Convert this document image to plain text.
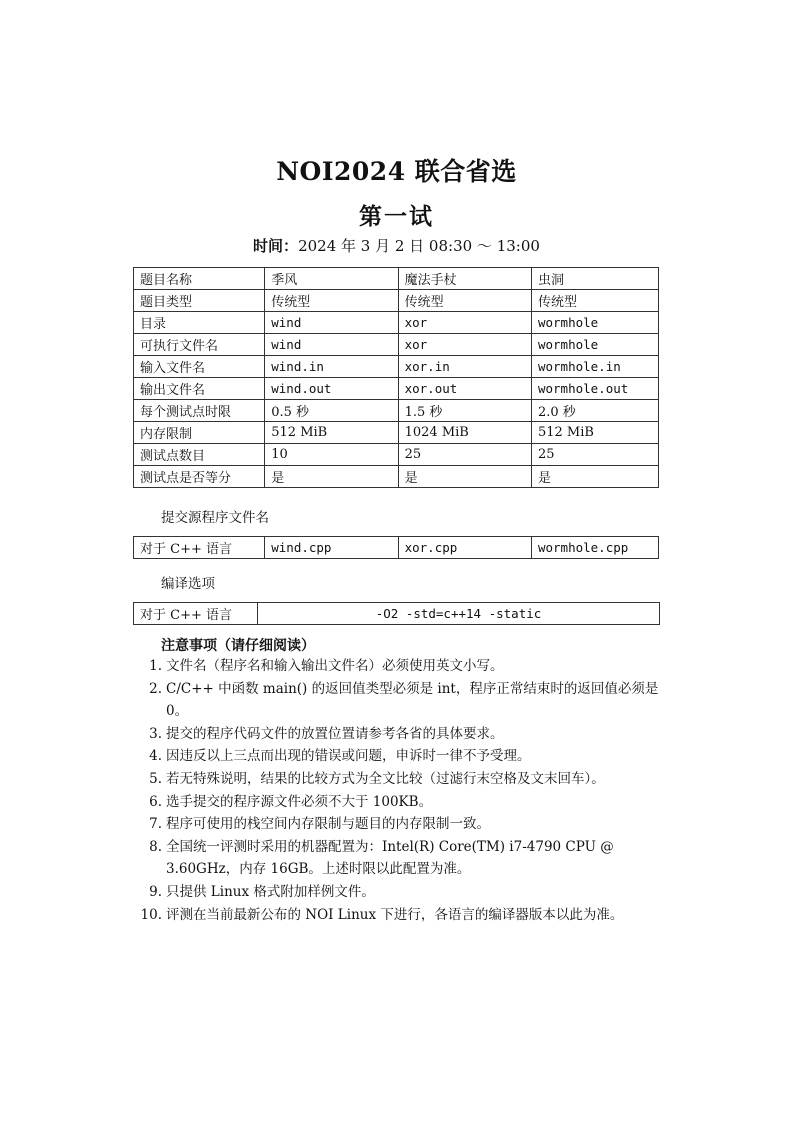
NOI2024 联合省选
第一试
时间：2024 年 3 月 2 日 08:30 ～ 13:00
题目名称	季风	魔法手杖	虫洞
题目类型	传统型	传统型	传统型
目录	wind	xor	wormhole
可执行文件名	wind	xor	wormhole
输入文件名	wind.in	xor.in	wormhole.in
输出文件名	wind.out	xor.out	wormhole.out
每个测试点时限	0.5 秒	1.5 秒	2.0 秒
内存限制	512 MiB	1024 MiB	512 MiB
测试点数目	10	25	25
测试点是否等分	是	是	是
提交源程序文件名
对于 C++ 语言	wind.cpp	xor.cpp	wormhole.cpp
编译选项
对于 C++ 语言	-O2 -std=c++14 -static
注意事项（请仔细阅读）
1. 文件名（程序名和输入输出文件名）必须使用英文小写。
2. C/C++ 中函数 main() 的返回值类型必须是 int，程序正常结束时的返回值必须是 0。
3. 提交的程序代码文件的放置位置请参考各省的具体要求。
4. 因违反以上三点而出现的错误或问题，申诉时一律不予受理。
5. 若无特殊说明，结果的比较方式为全文比较（过滤行末空格及文末回车）。
6. 选手提交的程序源文件必须不大于 100KB。
7. 程序可使用的栈空间内存限制与题目的内存限制一致。
8. 全国统一评测时采用的机器配置为：Intel(R) Core(TM) i7-4790 CPU @ 3.60GHz，内存 16GB。上述时限以此配置为准。
9. 只提供 Linux 格式附加样例文件。
10. 评测在当前最新公布的 NOI Linux 下进行，各语言的编译器版本以此为准。
